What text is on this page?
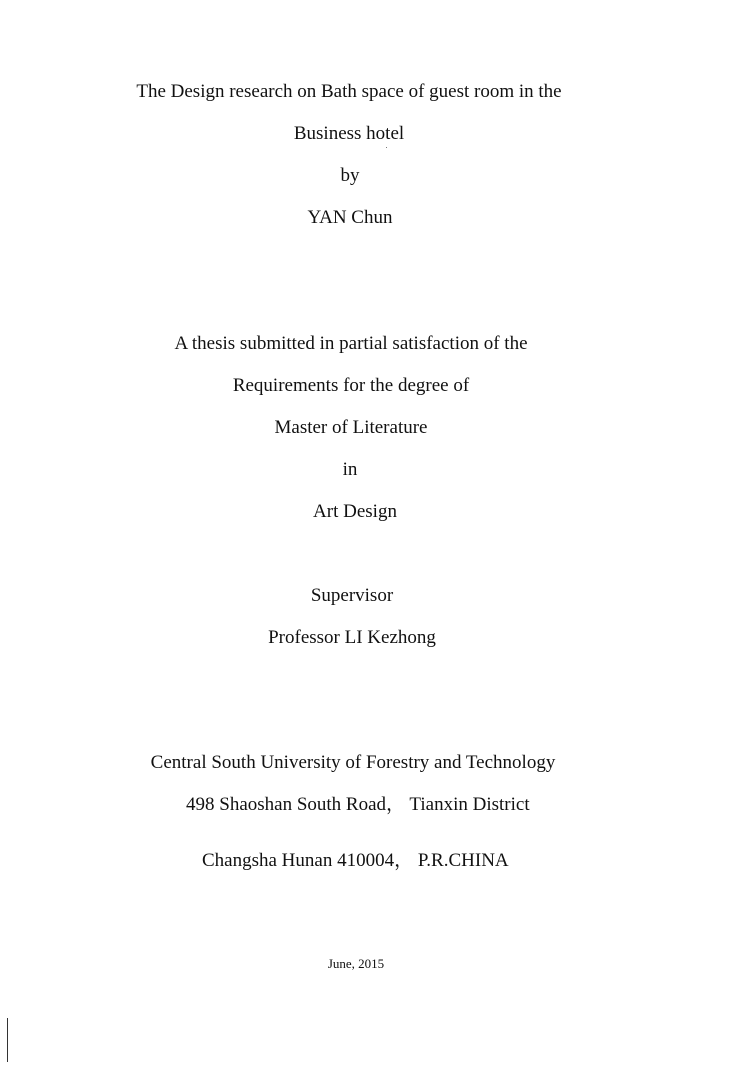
The Design research on Bath space of guest room in the
Business hotel
by
YAN Chun
A thesis submitted in partial satisfaction of the
Requirements for the degree of
Master of Literature
in
Art Design
Supervisor
Professor LI Kezhong
Central South University of Forestry and Technology
498 Shaoshan South Road， Tianxin District
Changsha Hunan 410004， P.R.CHINA
June, 2015
